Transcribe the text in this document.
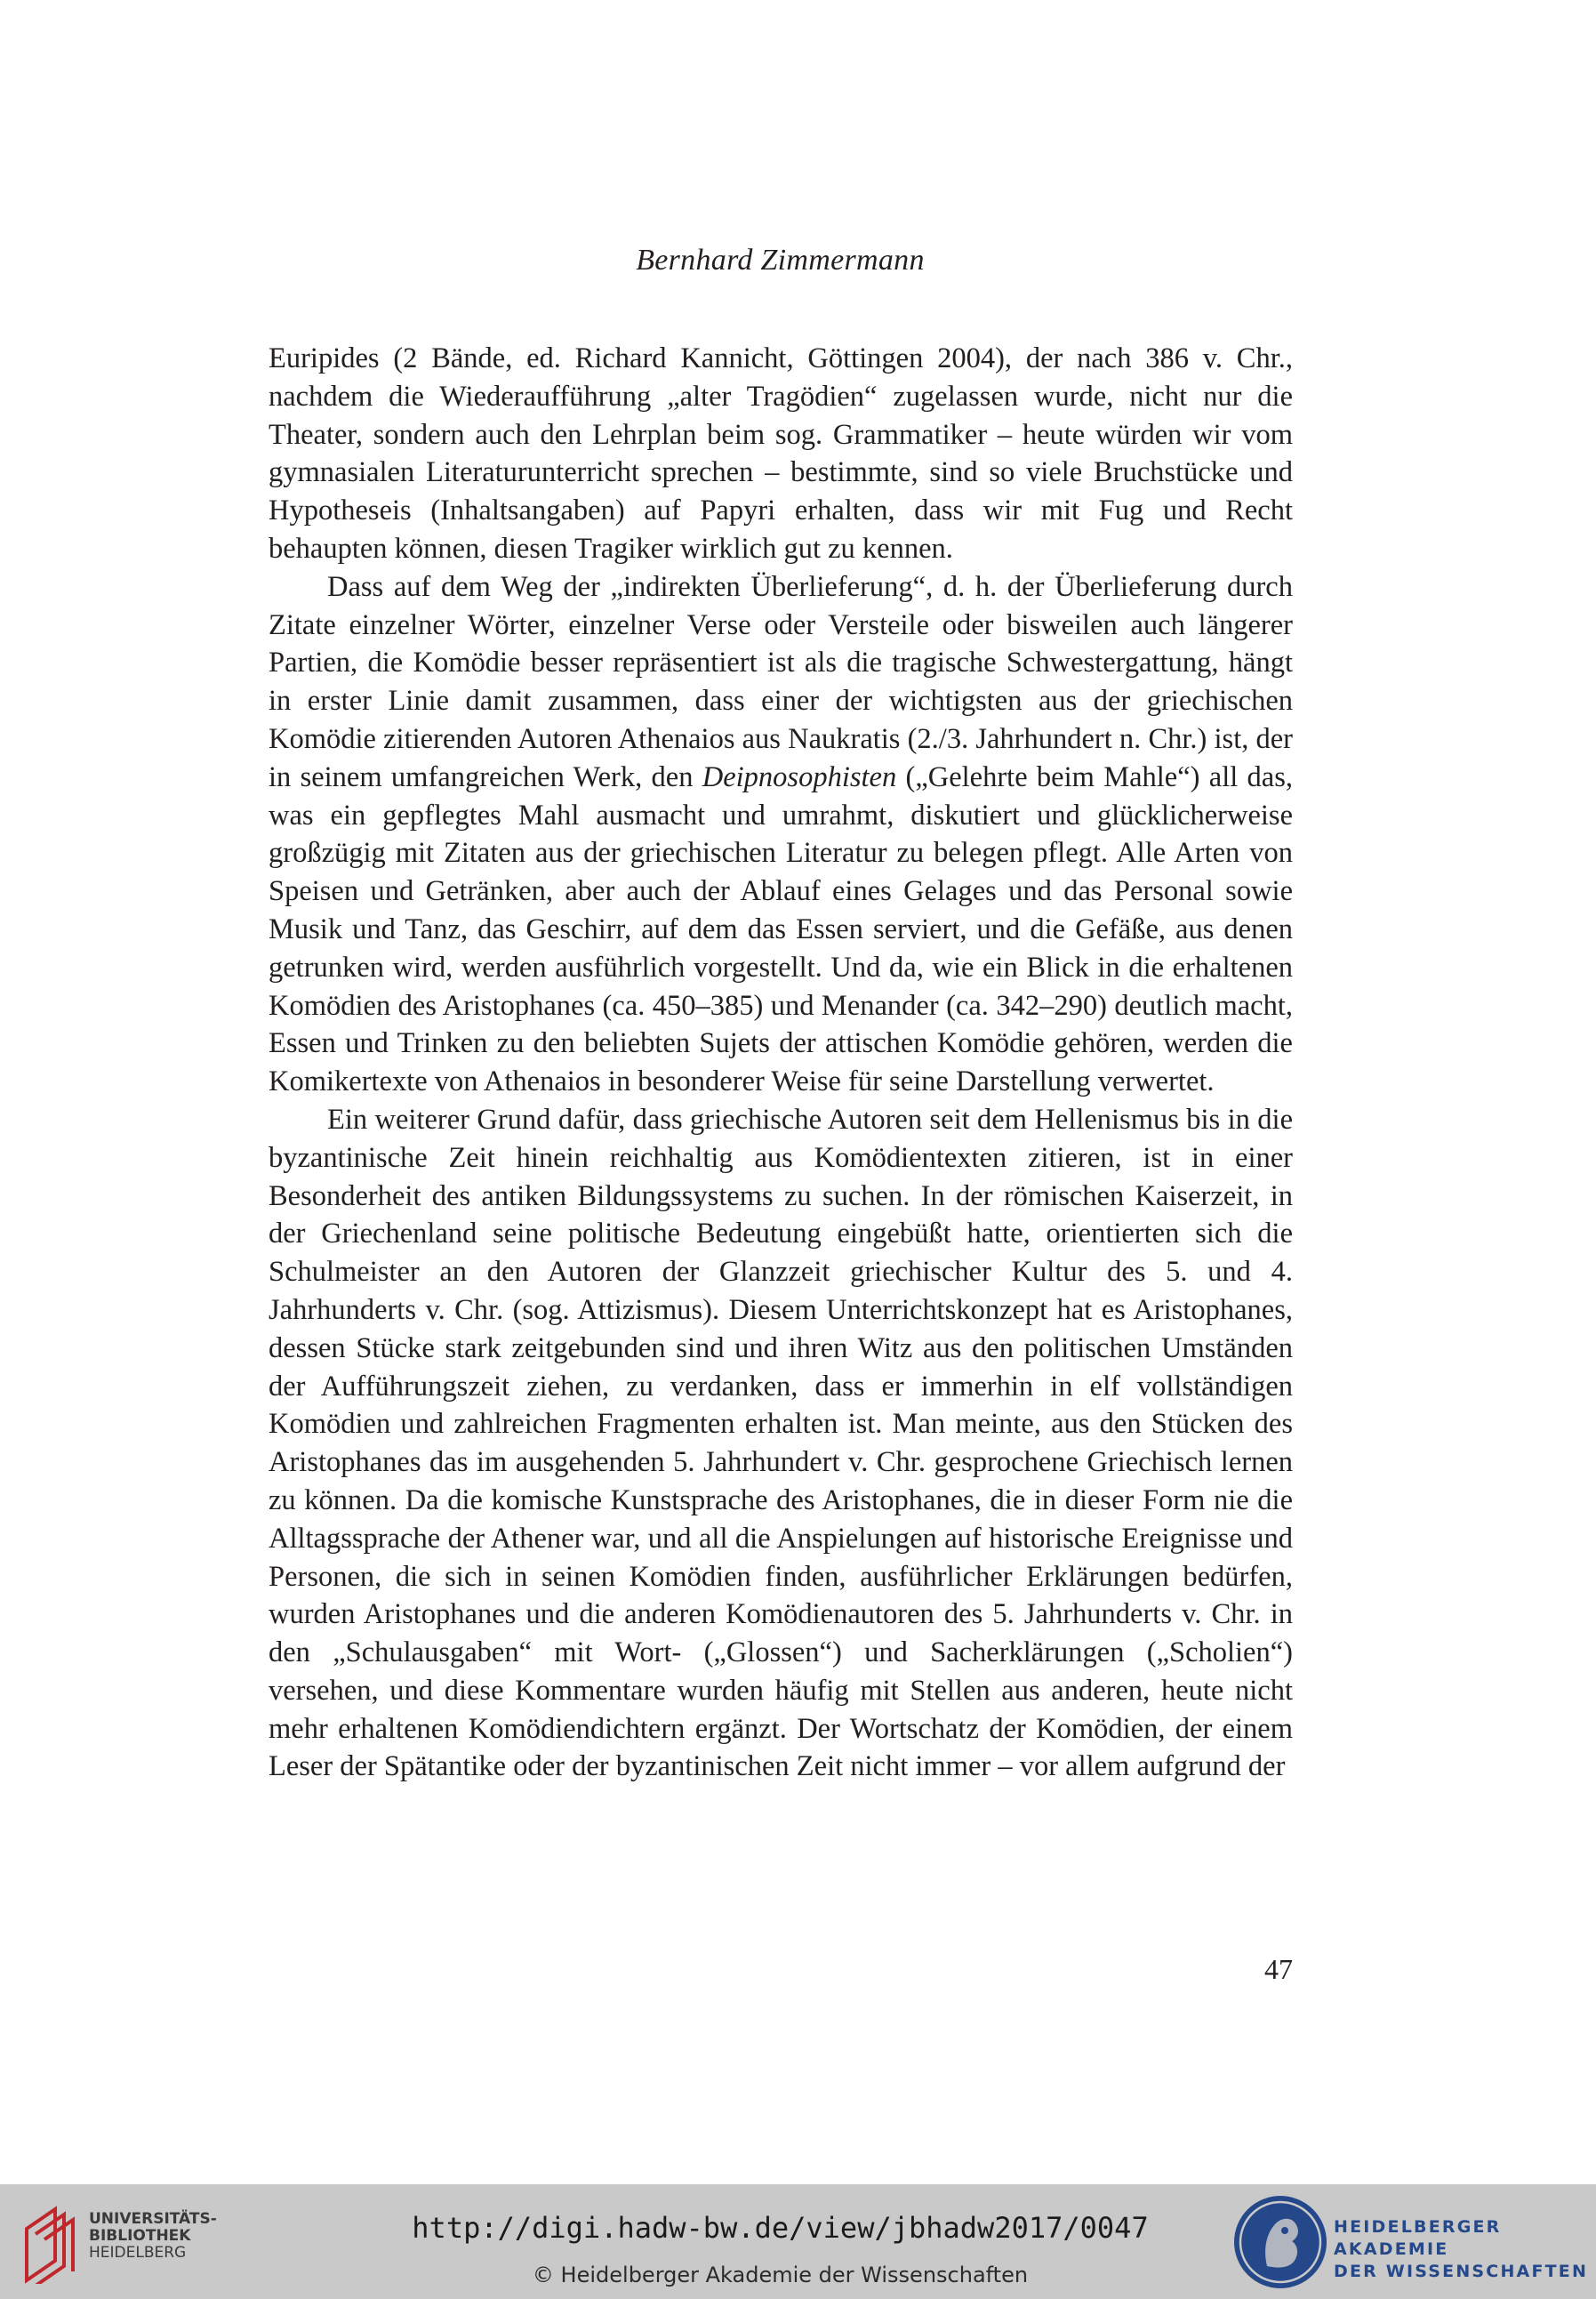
Bernhard Zimmermann

Euripides (2 Bände, ed. Richard Kannicht, Göttingen 2004), der nach 386 v. Chr., nachdem die Wiederaufführung „alter Tragödien“ zugelassen wurde, nicht nur die Theater, sondern auch den Lehrplan beim sog. Grammatiker – heute würden wir vom gymnasialen Literaturunterricht sprechen – bestimmte, sind so viele Bruchstücke und Hypotheseis (Inhaltsangaben) auf Papyri erhalten, dass wir mit Fug und Recht behaupten können, diesen Tragiker wirklich gut zu kennen.

Dass auf dem Weg der „indirekten Überlieferung“, d. h. der Überlieferung durch Zitate einzelner Wörter, einzelner Verse oder Versteile oder bisweilen auch längerer Partien, die Komödie besser repräsentiert ist als die tragische Schwestergattung, hängt in erster Linie damit zusammen, dass einer der wichtigsten aus der griechischen Komödie zitierenden Autoren Athenaios aus Naukratis (2./3. Jahrhundert n. Chr.) ist, der in seinem umfangreichen Werk, den Deipnosophisten („Gelehrte beim Mahle“) all das, was ein gepflegtes Mahl ausmacht und umrahmt, diskutiert und glücklicherweise großzügig mit Zitaten aus der griechischen Literatur zu belegen pflegt. Alle Arten von Speisen und Getränken, aber auch der Ablauf eines Gelages und das Personal sowie Musik und Tanz, das Geschirr, auf dem das Essen serviert, und die Gefäße, aus denen getrunken wird, werden ausführlich vorgestellt. Und da, wie ein Blick in die erhaltenen Komödien des Aristophanes (ca. 450–385) und Menander (ca. 342–290) deutlich macht, Essen und Trinken zu den beliebten Sujets der attischen Komödie gehören, werden die Komikertexte von Athenaios in besonderer Weise für seine Darstellung verwertet.

Ein weiterer Grund dafür, dass griechische Autoren seit dem Hellenismus bis in die byzantinische Zeit hinein reichhaltig aus Komödientexten zitieren, ist in einer Besonderheit des antiken Bildungssystems zu suchen. In der römischen Kaiserzeit, in der Griechenland seine politische Bedeutung eingebüßt hatte, orientierten sich die Schulmeister an den Autoren der Glanzzeit griechischer Kultur des 5. und 4. Jahrhunderts v. Chr. (sog. Attizismus). Diesem Unterrichtskonzept hat es Aristophanes, dessen Stücke stark zeitgebunden sind und ihren Witz aus den politischen Umständen der Aufführungszeit ziehen, zu verdanken, dass er immerhin in elf vollständigen Komödien und zahlreichen Fragmenten erhalten ist. Man meinte, aus den Stücken des Aristophanes das im ausgehenden 5. Jahrhundert v. Chr. gesprochene Griechisch lernen zu können. Da die komische Kunstsprache des Aristophanes, die in dieser Form nie die Alltagssprache der Athener war, und all die Anspielungen auf historische Ereignisse und Personen, die sich in seinen Komödien finden, ausführlicher Erklärungen bedürfen, wurden Aristophanes und die anderen Komödienautoren des 5. Jahrhunderts v. Chr. in den „Schulausgaben“ mit Wort- („Glossen“) und Sacherklärungen („Scholien“) versehen, und diese Kommentare wurden häufig mit Stellen aus anderen, heute nicht mehr erhaltenen Komödiendichtern ergänzt. Der Wortschatz der Komödien, der einem Leser der Spätantike oder der byzantinischen Zeit nicht immer – vor allem aufgrund der

47
UNIVERSITÄTS-
BIBLIOTHEK
HEIDELBERG
http://digi.hadw-bw.de/view/jbhadw2017/0047
© Heidelberger Akademie der Wissenschaften
HEIDELBERGER AKADEMIE
DER WISSENSCHAFTEN
